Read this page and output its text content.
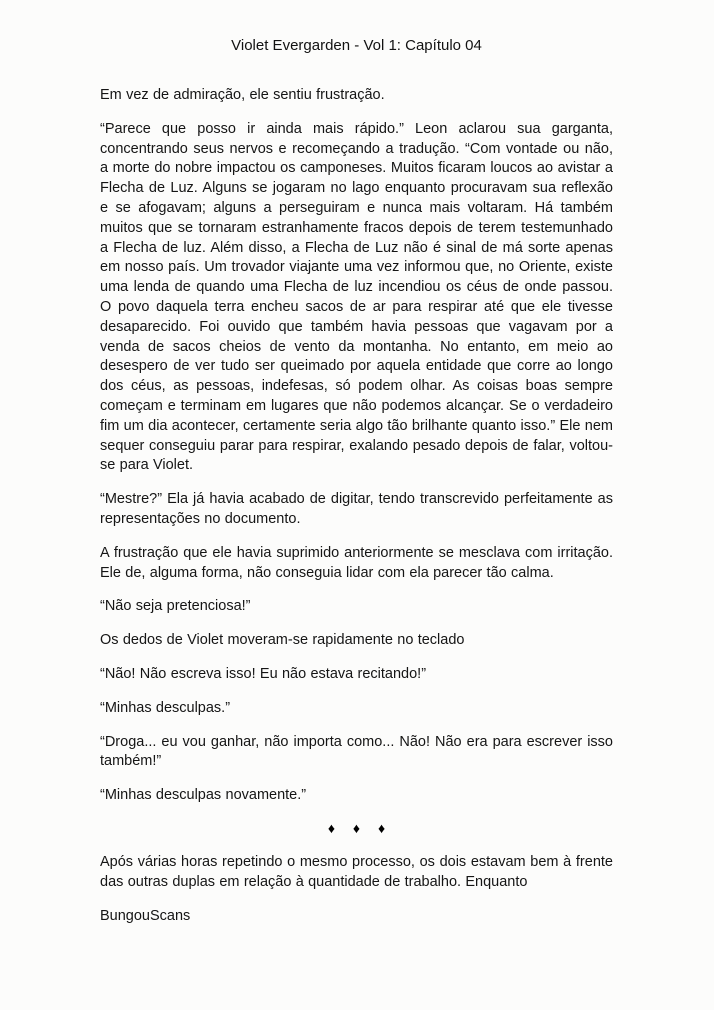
Violet Evergarden - Vol 1: Capítulo 04

Em vez de admiração, ele sentiu frustração.

“Parece que posso ir ainda mais rápido.” Leon aclarou sua garganta, concentrando seus nervos e recomeçando a tradução. “Com vontade ou não, a morte do nobre impactou os camponeses. Muitos ficaram loucos ao avistar a Flecha de Luz. Alguns se jogaram no lago enquanto procuravam sua reflexão e se afogavam; alguns a perseguiram e nunca mais voltaram. Há também muitos que se tornaram estranhamente fracos depois de terem testemunhado a Flecha de luz. Além disso, a Flecha de Luz não é sinal de má sorte apenas em nosso país. Um trovador viajante uma vez informou que, no Oriente, existe uma lenda de quando uma Flecha de luz incendiou os céus de onde passou. O povo daquela terra encheu sacos de ar para respirar até que ele tivesse desaparecido. Foi ouvido que também havia pessoas que vagavam por a venda de sacos cheios de vento da montanha. No entanto, em meio ao desespero de ver tudo ser queimado por aquela entidade que corre ao longo dos céus, as pessoas, indefesas, só podem olhar. As coisas boas sempre começam e terminam em lugares que não podemos alcançar. Se o verdadeiro fim um dia acontecer, certamente seria algo tão brilhante quanto isso.” Ele nem sequer conseguiu parar para respirar, exalando pesado depois de falar, voltou-se para Violet.

“Mestre?” Ela já havia acabado de digitar, tendo transcrevido perfeitamente as representações no documento.

A frustração que ele havia suprimido anteriormente se mesclava com irritação. Ele de, alguma forma, não conseguia lidar com ela parecer tão calma.

“Não seja pretenciosa!”

Os dedos de Violet moveram-se rapidamente no teclado

“Não! Não escreva isso! Eu não estava recitando!”

“Minhas desculpas.”

“Droga... eu vou ganhar, não importa como... Não! Não era para escrever isso também!”

“Minhas desculpas novamente.”

♦ ♦ ♦

Após várias horas repetindo o mesmo processo, os dois estavam bem à frente das outras duplas em relação à quantidade de trabalho. Enquanto

BungouScans
